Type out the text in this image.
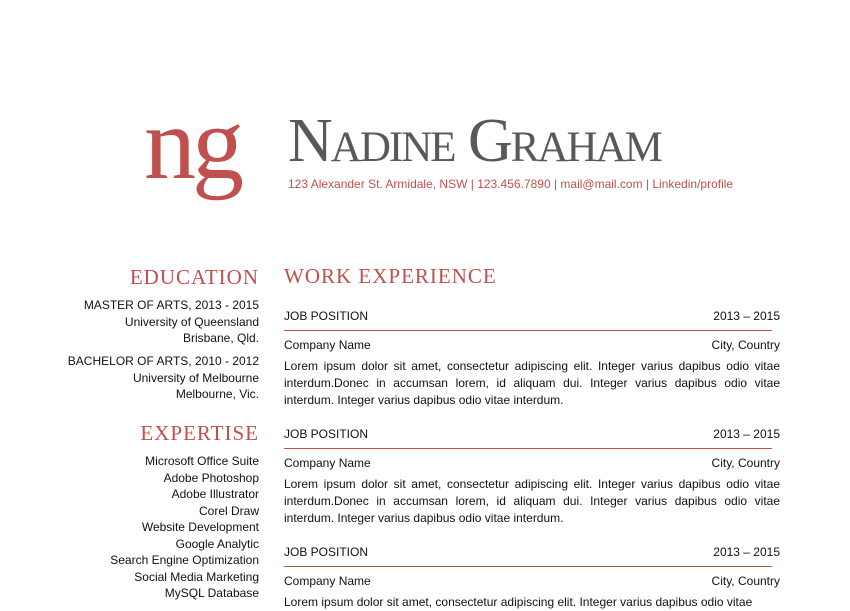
ng Nadine Graham
123 Alexander St. Armidale, NSW | 123.456.7890 | mail@mail.com | Linkedin/profile
EDUCATION
MASTER OF ARTS, 2013 - 2015
University of Queensland
Brisbane, Qld.
BACHELOR OF ARTS, 2010 - 2012
University of Melbourne
Melbourne, Vic.
EXPERTISE
Microsoft Office Suite
Adobe Photoshop
Adobe Illustrator
Corel Draw
Website Development
Google Analytic
Search Engine Optimization
Social Media Marketing
MySQL Database
WORK EXPERIENCE
JOB POSITION	2013 – 2015
Company Name	City, Country
Lorem ipsum dolor sit amet, consectetur adipiscing elit. Integer varius dapibus odio vitae interdum.Donec in accumsan lorem, id aliquam dui. Integer varius dapibus odio vitae interdum. Integer varius dapibus odio vitae interdum.
JOB POSITION	2013 – 2015
Company Name	City, Country
Lorem ipsum dolor sit amet, consectetur adipiscing elit. Integer varius dapibus odio vitae interdum.Donec in accumsan lorem, id aliquam dui. Integer varius dapibus odio vitae interdum. Integer varius dapibus odio vitae interdum.
JOB POSITION	2013 – 2015
Company Name	City, Country
Lorem ipsum dolor sit amet, consectetur adipiscing elit. Integer varius dapibus odio vitae
